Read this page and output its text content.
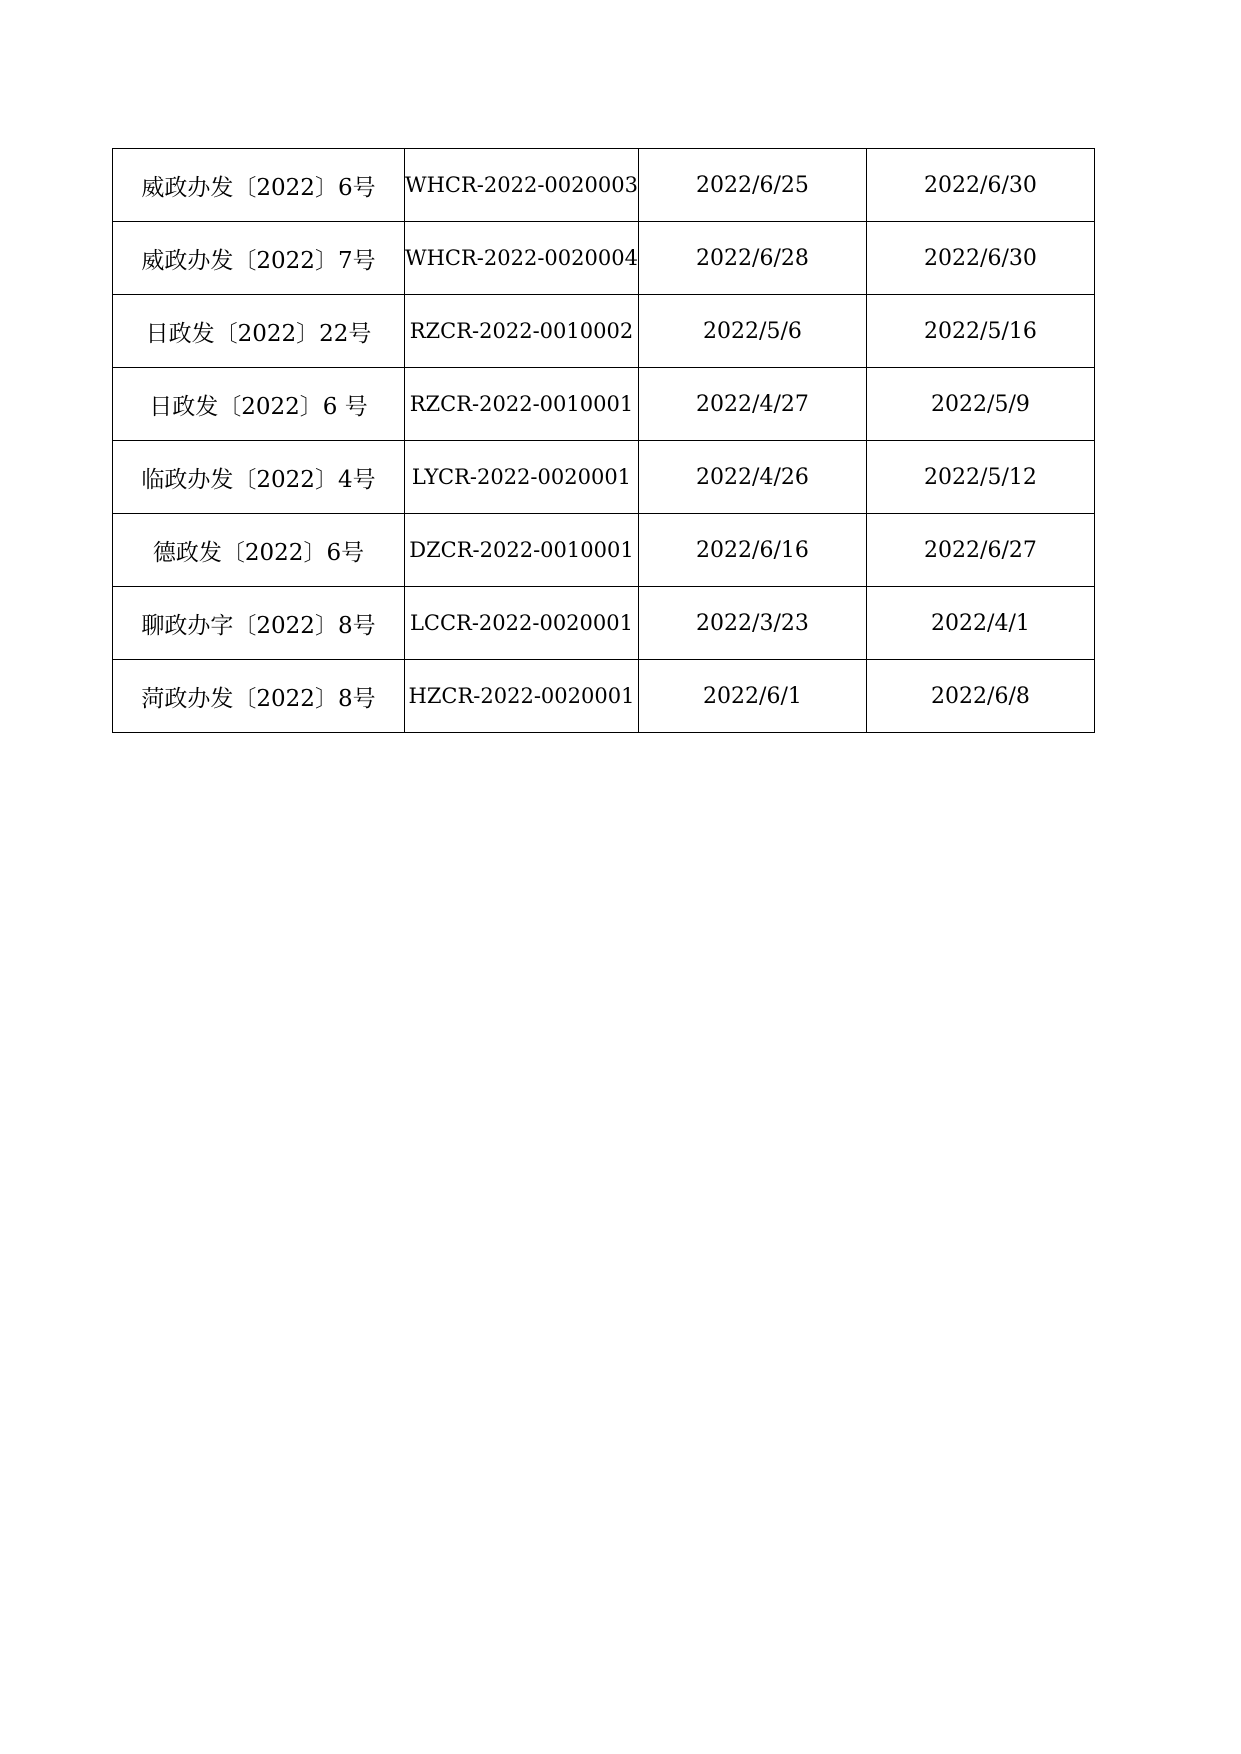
威政办发〔2022〕6号	WHCR-2022-0020003	2022/6/25	2022/6/30
威政办发〔2022〕7号	WHCR-2022-0020004	2022/6/28	2022/6/30
日政发〔2022〕22号	RZCR-2022-0010002	2022/5/6	2022/5/16
日政发〔2022〕6 号	RZCR-2022-0010001	2022/4/27	2022/5/9
临政办发〔2022〕4号	LYCR-2022-0020001	2022/4/26	2022/5/12
德政发〔2022〕6号	DZCR-2022-0010001	2022/6/16	2022/6/27
聊政办字〔2022〕8号	LCCR-2022-0020001	2022/3/23	2022/4/1
菏政办发〔2022〕8号	HZCR-2022-0020001	2022/6/1	2022/6/8
